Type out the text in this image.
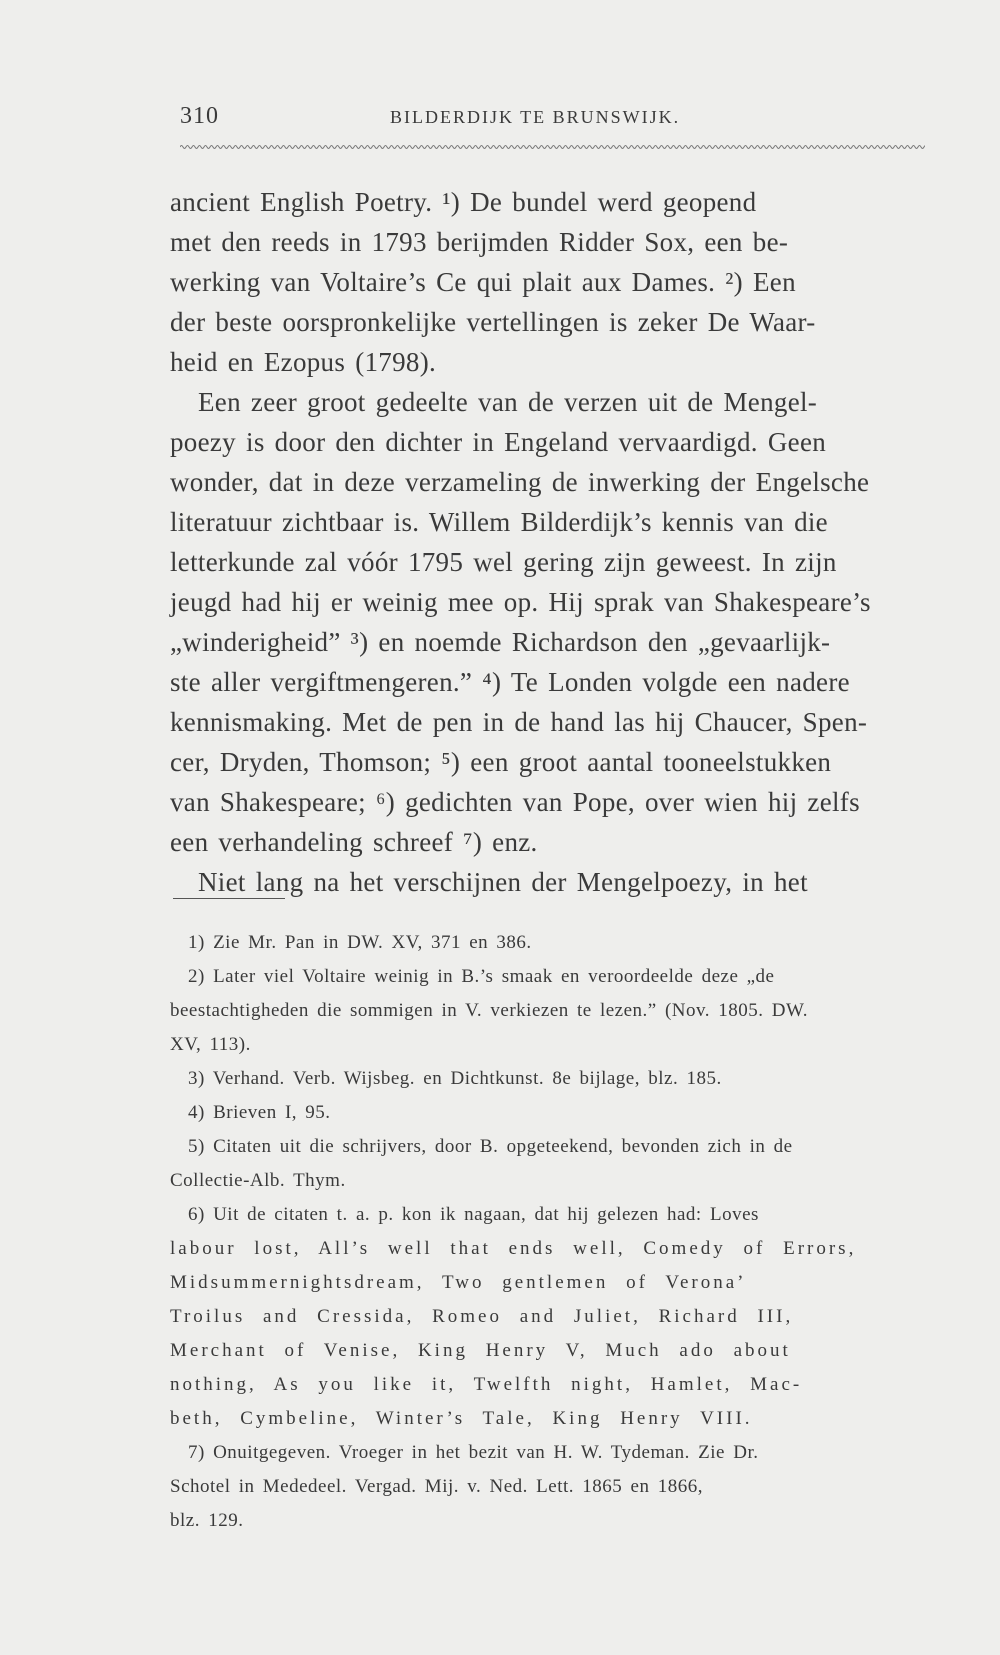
310	BILDERDIJK TE BRUNSWIJK.
ancient English Poetry. ¹) De bundel werd geopend
met den reeds in 1793 berijmden Ridder Sox, een be-
werking van Voltaire’s Ce qui plait aux Dames. ²) Een
der beste oorspronkelijke vertellingen is zeker De Waar-
heid en Ezopus (1798).
Een zeer groot gedeelte van de verzen uit de Mengel-
poezy is door den dichter in Engeland vervaardigd. Geen
wonder, dat in deze verzameling de inwerking der Engelsche
literatuur zichtbaar is. Willem Bilderdijk’s kennis van die
letterkunde zal vóór 1795 wel gering zijn geweest. In zijn
jeugd had hij er weinig mee op. Hij sprak van Shakespeare’s
„winderigheid” ³) en noemde Richardson den „gevaarlijk-
ste aller vergiftmengeren.” ⁴) Te Londen volgde een nadere
kennismaking. Met de pen in de hand las hij Chaucer, Spen-
cer, Dryden, Thomson; ⁵) een groot aantal tooneelstukken
van Shakespeare; ⁶) gedichten van Pope, over wien hij zelfs
een verhandeling schreef ⁷) enz.
Niet lang na het verschijnen der Mengelpoezy, in het
1) Zie Mr. Pan in DW. XV, 371 en 386.
2) Later viel Voltaire weinig in B.’s smaak en veroordeelde deze „de
beestachtigheden die sommigen in V. verkiezen te lezen.” (Nov. 1805. DW.
XV, 113).
3) Verhand. Verb. Wijsbeg. en Dichtkunst. 8e bijlage, blz. 185.
4) Brieven I, 95.
5) Citaten uit die schrijvers, door B. opgeteekend, bevonden zich in de
Collectie-Alb. Thym.
6) Uit de citaten t. a. p. kon ik nagaan, dat hij gelezen had: Loves
labour lost, All’s well that ends well, Comedy of Errors,
Midsummernightsdream, Two gentlemen of Verona’
Troilus and Cressida, Romeo and Juliet, Richard III,
Merchant of Venise, King Henry V, Much ado about
nothing, As you like it, Twelfth night, Hamlet, Mac-
beth, Cymbeline, Winter’s Tale, King Henry VIII.
7) Onuitgegeven. Vroeger in het bezit van H. W. Tydeman. Zie Dr.
Schotel in Mededeel. Vergad. Mij. v. Ned. Lett. 1865 en 1866,
blz. 129.
